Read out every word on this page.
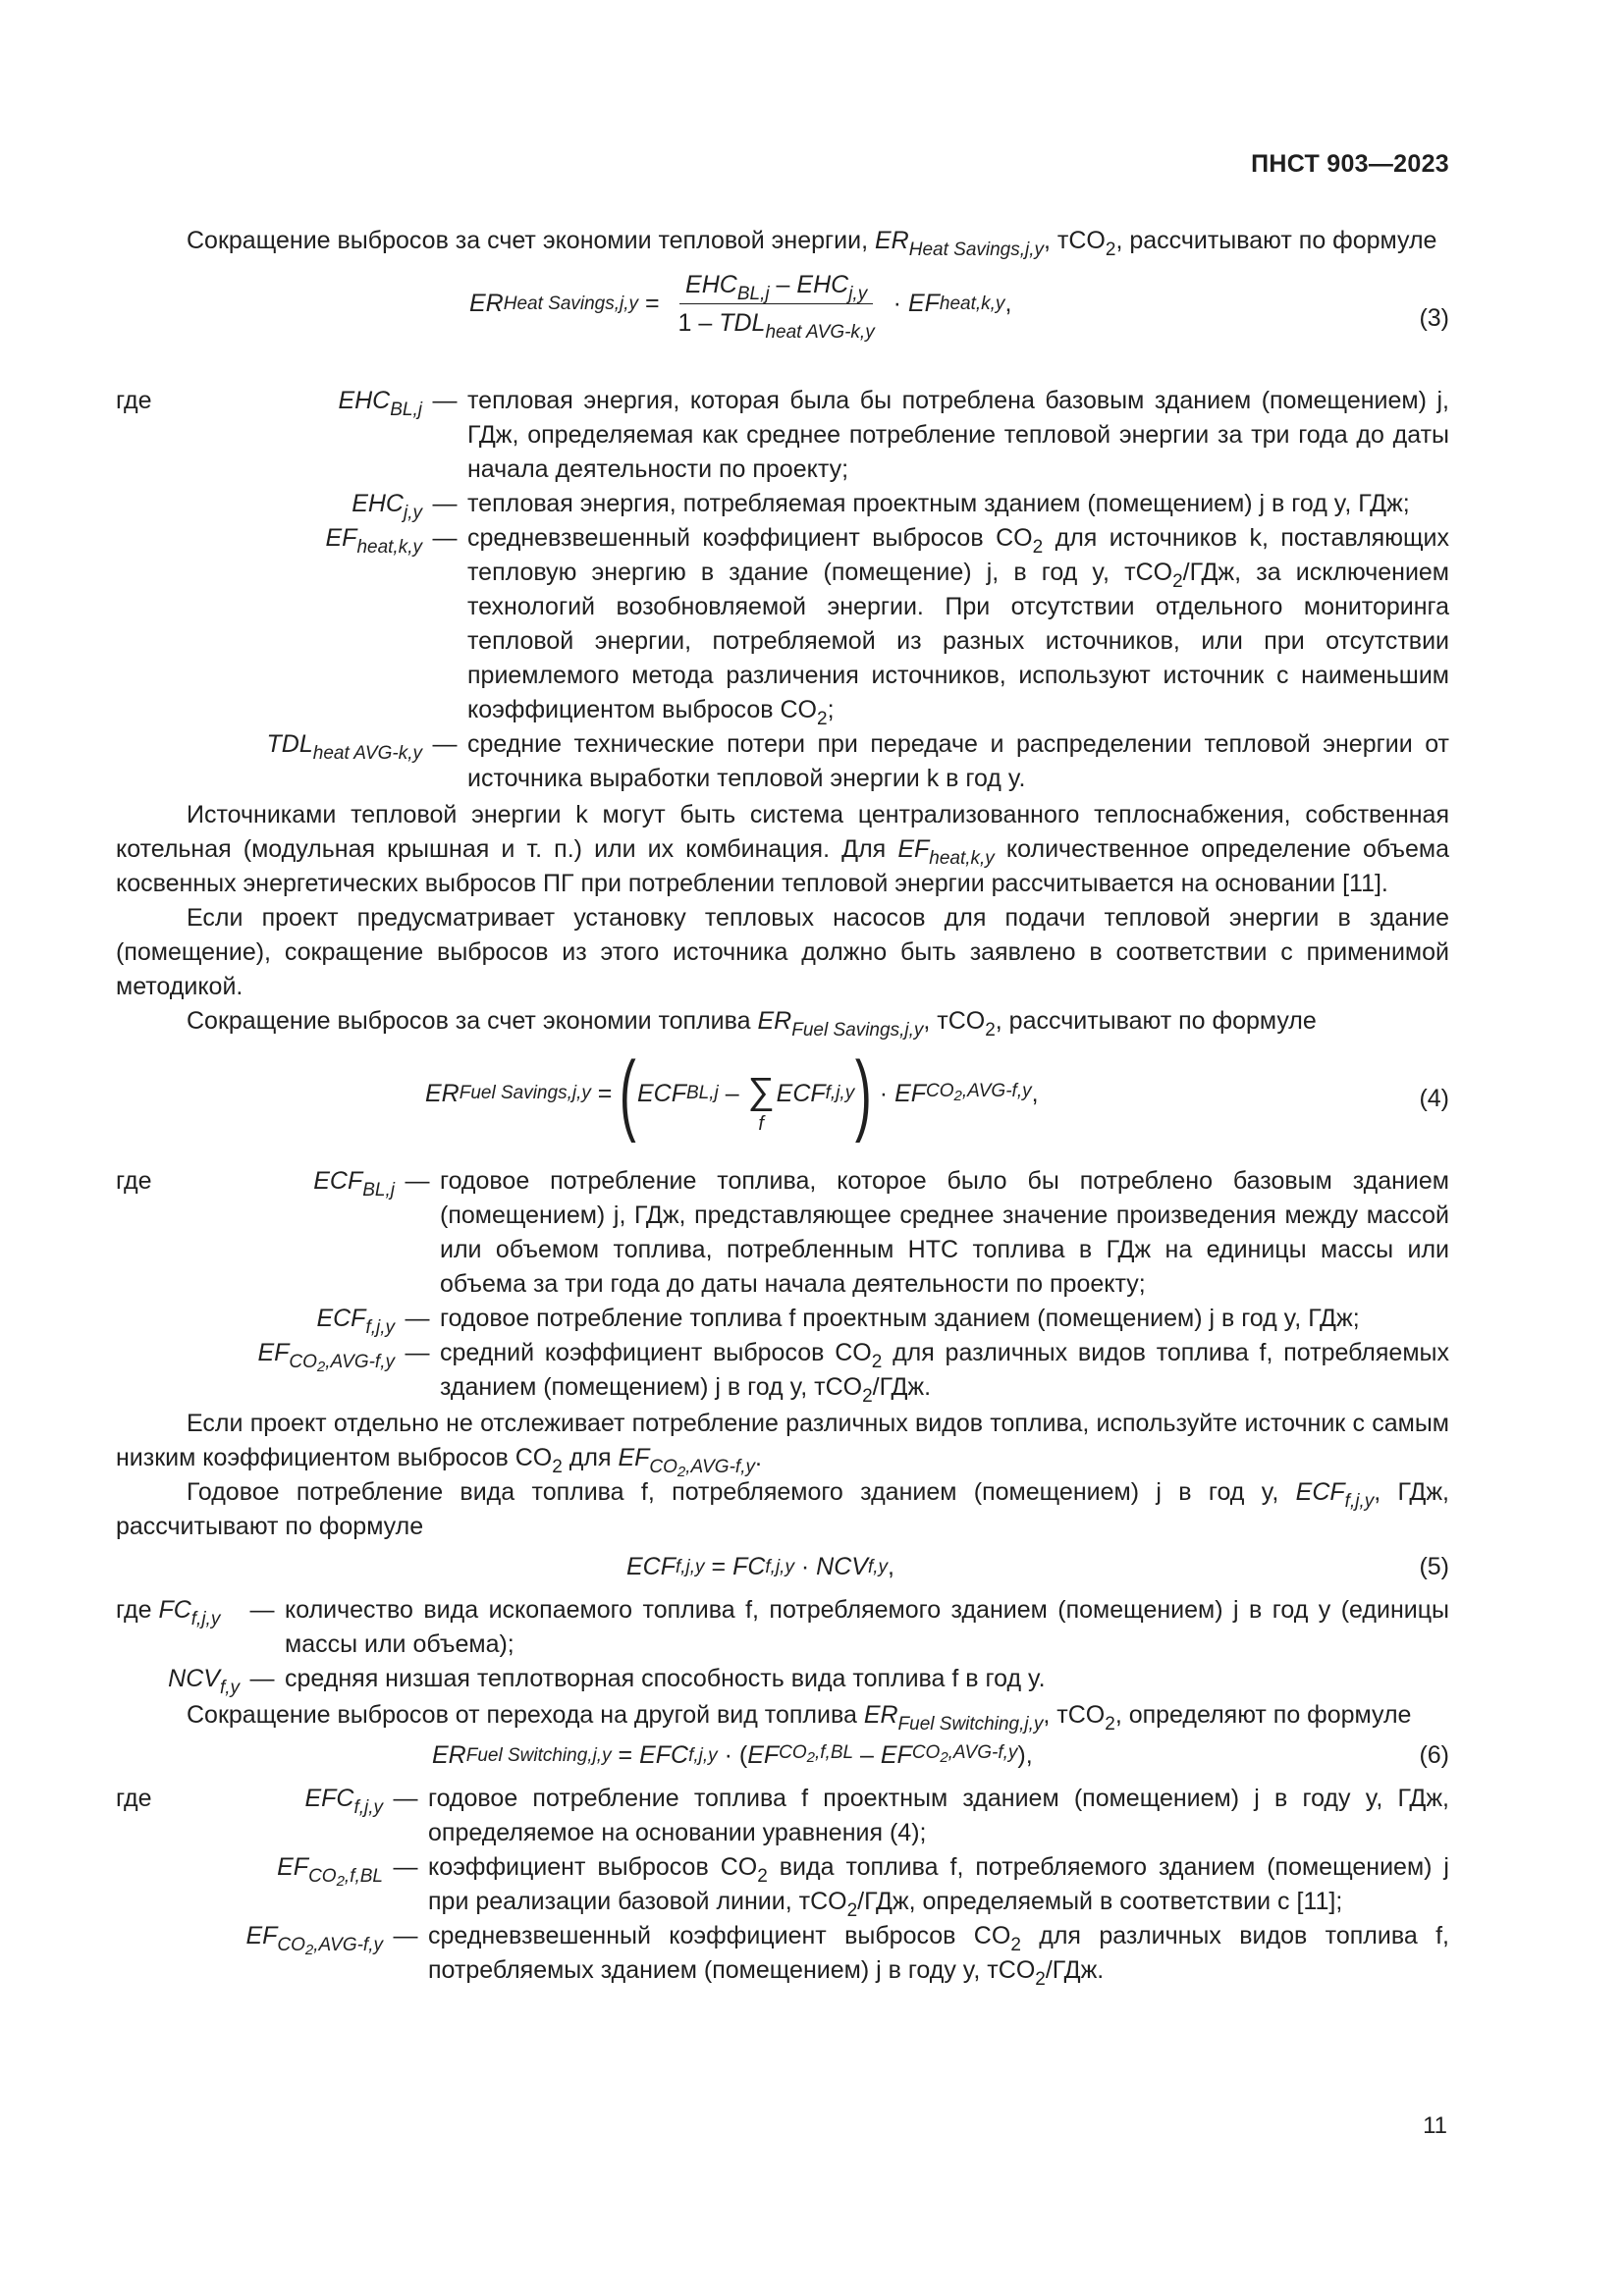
ПНСТ 903—2023

Сокращение выбросов за счет экономии тепловой энергии, $ER_{Heat Savings,j,y}$, тCO$_2$, рассчитывают по формуле

ER Heat Savings,j,y = $\frac{EHC_{BL,j} - EHC_{j,y}}{1 - TDL_{heat AVG-k,y}}$ · EF heat,k,y ,
(3)
где	$EHC_{BL,j}$ — тепловая энергия, которая была бы потреблена базовым зданием (помещением) j, ГДж, определяемая как среднее потребление тепловой энергии за три года до даты начала деятельности по проекту;
$EHC_{j,y}$ — тепловая энергия, потребляемая проектным зданием (помещением) j в год y, ГДж;
$EF_{heat,k,y}$ — средневзвешенный коэффициент выбросов $CO_2$ для источников k, поставляющих тепловую энергию в здание (помещение) j, в год y, тCO$_2$/ГДж, за исключением технологий возобновляемой энергии. При отсутствии отдельного мониторинга тепловой энергии, потребляемой из разных источников, или при отсутствии приемлемого метода различения источников, используют источник с наименьшим коэффициентом выбросов $CO_2$;
$TDL_{heat AVG-k,y}$ — средние технические потери при передаче и распределении тепловой энергии от источника выработки тепловой энергии k в год y.

Источниками тепловой энергии k могут быть система централизованного теплоснабжения, собственная котельная (модульная крышная и т. п.) или их комбинация. Для $EF_{heat,k,y}$ количественное определение объема косвенных энергетических выбросов ПГ при потреблении тепловой энергии рассчитывается на основании [11].

Если проект предусматривает установку тепловых насосов для подачи тепловой энергии в здание (помещение), сокращение выбросов из этого источника должно быть заявлено в соответствии с применимой методикой.

Сокращение выбросов за счет экономии топлива $ER_{Fuel Savings,j,y}$, тCO$_2$, рассчитывают по формуле

ER Fuel Savings,j,y = ( ECF BL,j – ∑
f
ECF f,j,y ) · EF $CO_2,AVG-f,y$ ,	(4)
где	$ECF_{BL,j}$ — годовое потребление топлива, которое было бы потреблено базовым зданием (помещением) j, ГДж, представляющее среднее значение произведения между массой или объемом топлива, потребленным НТС топлива в ГДж на единицы массы или объема за три года до даты начала деятельности по проекту;
$ECF_{f,j,y}$ — годовое потребление топлива f проектным зданием (помещением) j в год y, ГДж;
$EF_{CO_2,AVG-f,y}$ — средний коэффициент выбросов $CO_2$ для различных видов топлива f, потребляемых зданием (помещением) j в год y, тCO$_2$/ГДж.

Если проект отдельно не отслеживает потребление различных видов топлива, используйте источник с самым низким коэффициентом выбросов $CO_2$ для $EF_{CO_2,AVG-f,y}$.

Годовое потребление вида топлива f, потребляемого зданием (помещением) j в год y, $ECF_{f,j,y}$, ГДж, рассчитывают по формуле

ECF f,j,y = FC f,j,y · NCV f,y ,	(5)
где $FC_{f,j,y}$	— количество вида ископаемого топлива f, потребляемого зданием (помещением) j в год y (единицы массы или объема);
$NCV_{f,y}$ — средняя низшая теплотворная способность вида топлива f в год y.

Сокращение выбросов от перехода на другой вид топлива $ER_{Fuel Switching,j,y}$, тCO$_2$, определяют по формуле

ER Fuel Switching,j,y = EFC f,j,y · ( EF $CO_2,f,BL$ – EF $CO_2,AVG-f,y$ ),	(6)
где	$EFC_{f,j,y}$ — годовое потребление топлива f проектным зданием (помещением) j в году y, ГДж, определяемое на основании уравнения (4);
$EF_{CO_2,f,BL}$ — коэффициент выбросов $CO_2$ вида топлива f, потребляемого зданием (помещением) j при реализации базовой линии, тCO$_2$/ГДж, определяемый в соответствии с [11];
$EF_{CO_2,AVG-f,y}$ — средневзвешенный коэффициент выбросов $CO_2$ для различных видов топлива f, потребляемых зданием (помещением) j в году y, тCO$_2$/ГДж.
11
